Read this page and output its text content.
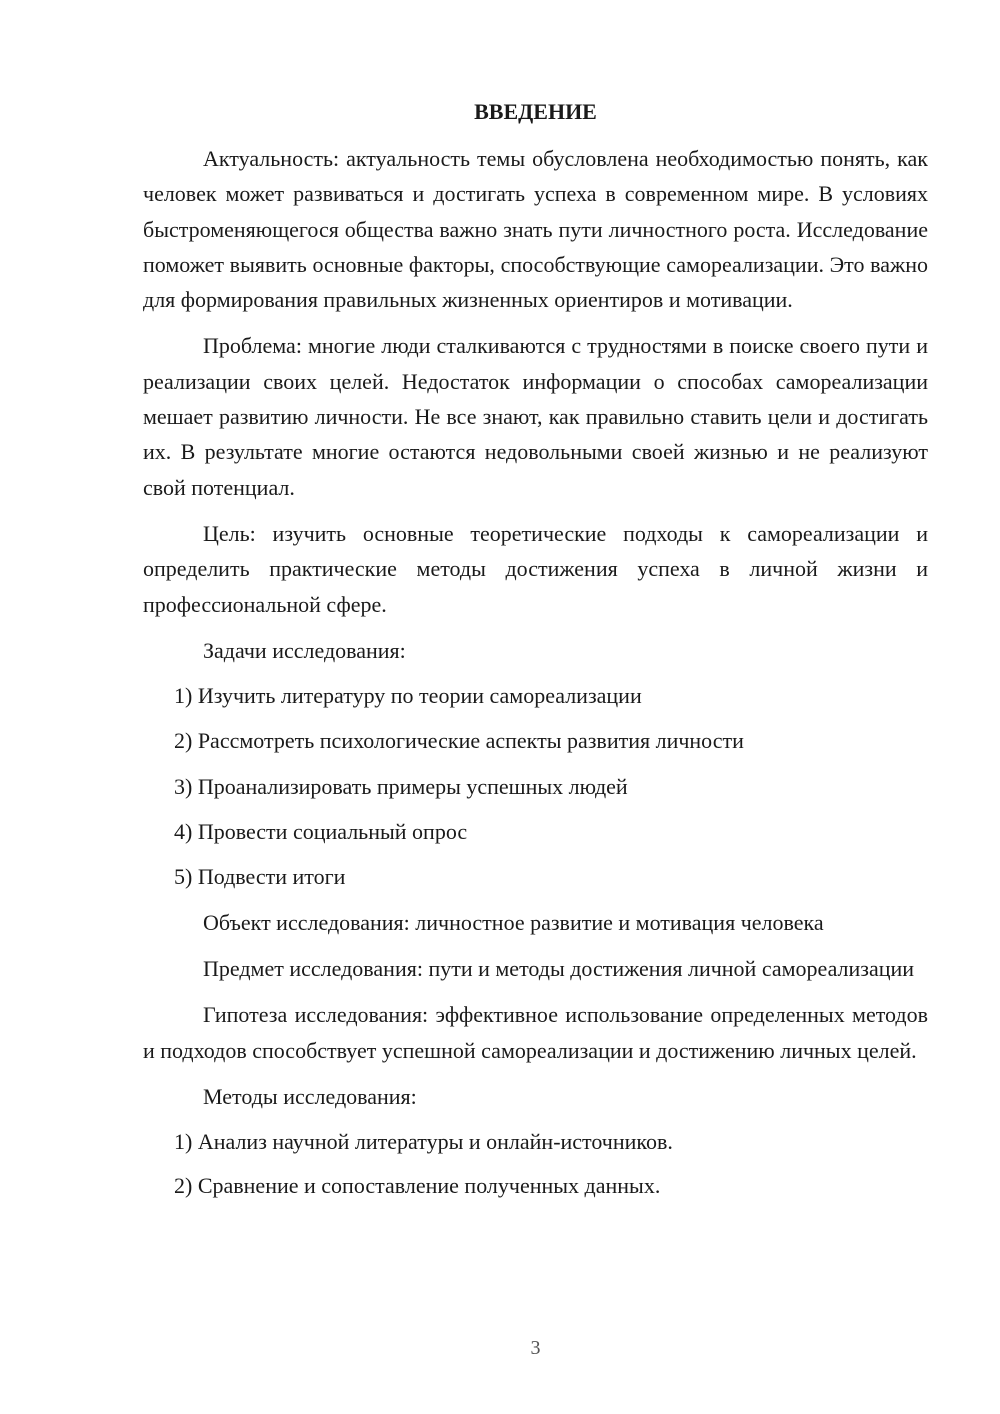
ВВЕДЕНИЕ

Актуальность: актуальность темы обусловлена необходимостью понять, как человек может развиваться и достигать успеха в современном мире. В условиях быстроменяющегося общества важно знать пути личностного роста. Исследование поможет выявить основные факторы, способствующие самореализации. Это важно для формирования правильных жизненных ориентиров и мотивации.

Проблема: многие люди сталкиваются с трудностями в поиске своего пути и реализации своих целей. Недостаток информации о способах самореализации мешает развитию личности. Не все знают, как правильно ставить цели и достигать их. В результате многие остаются недовольными своей жизнью и не реализуют свой потенциал.

Цель: изучить основные теоретические подходы к самореализации и определить практические методы достижения успеха в личной жизни и профессиональной сфере.

Задачи исследования:

1) Изучить литературу по теории самореализации
2) Рассмотреть психологические аспекты развития личности
3) Проанализировать примеры успешных людей
4) Провести социальный опрос
5) Подвести итоги

Объект исследования: личностное развитие и мотивация человека

Предмет исследования: пути и методы достижения личной самореализации

Гипотеза исследования: эффективное использование определенных методов и подходов способствует успешной самореализации и достижению личных целей.

Методы исследования:

1) Анализ научной литературы и онлайн-источников.
2) Сравнение и сопоставление полученных данных.
3
